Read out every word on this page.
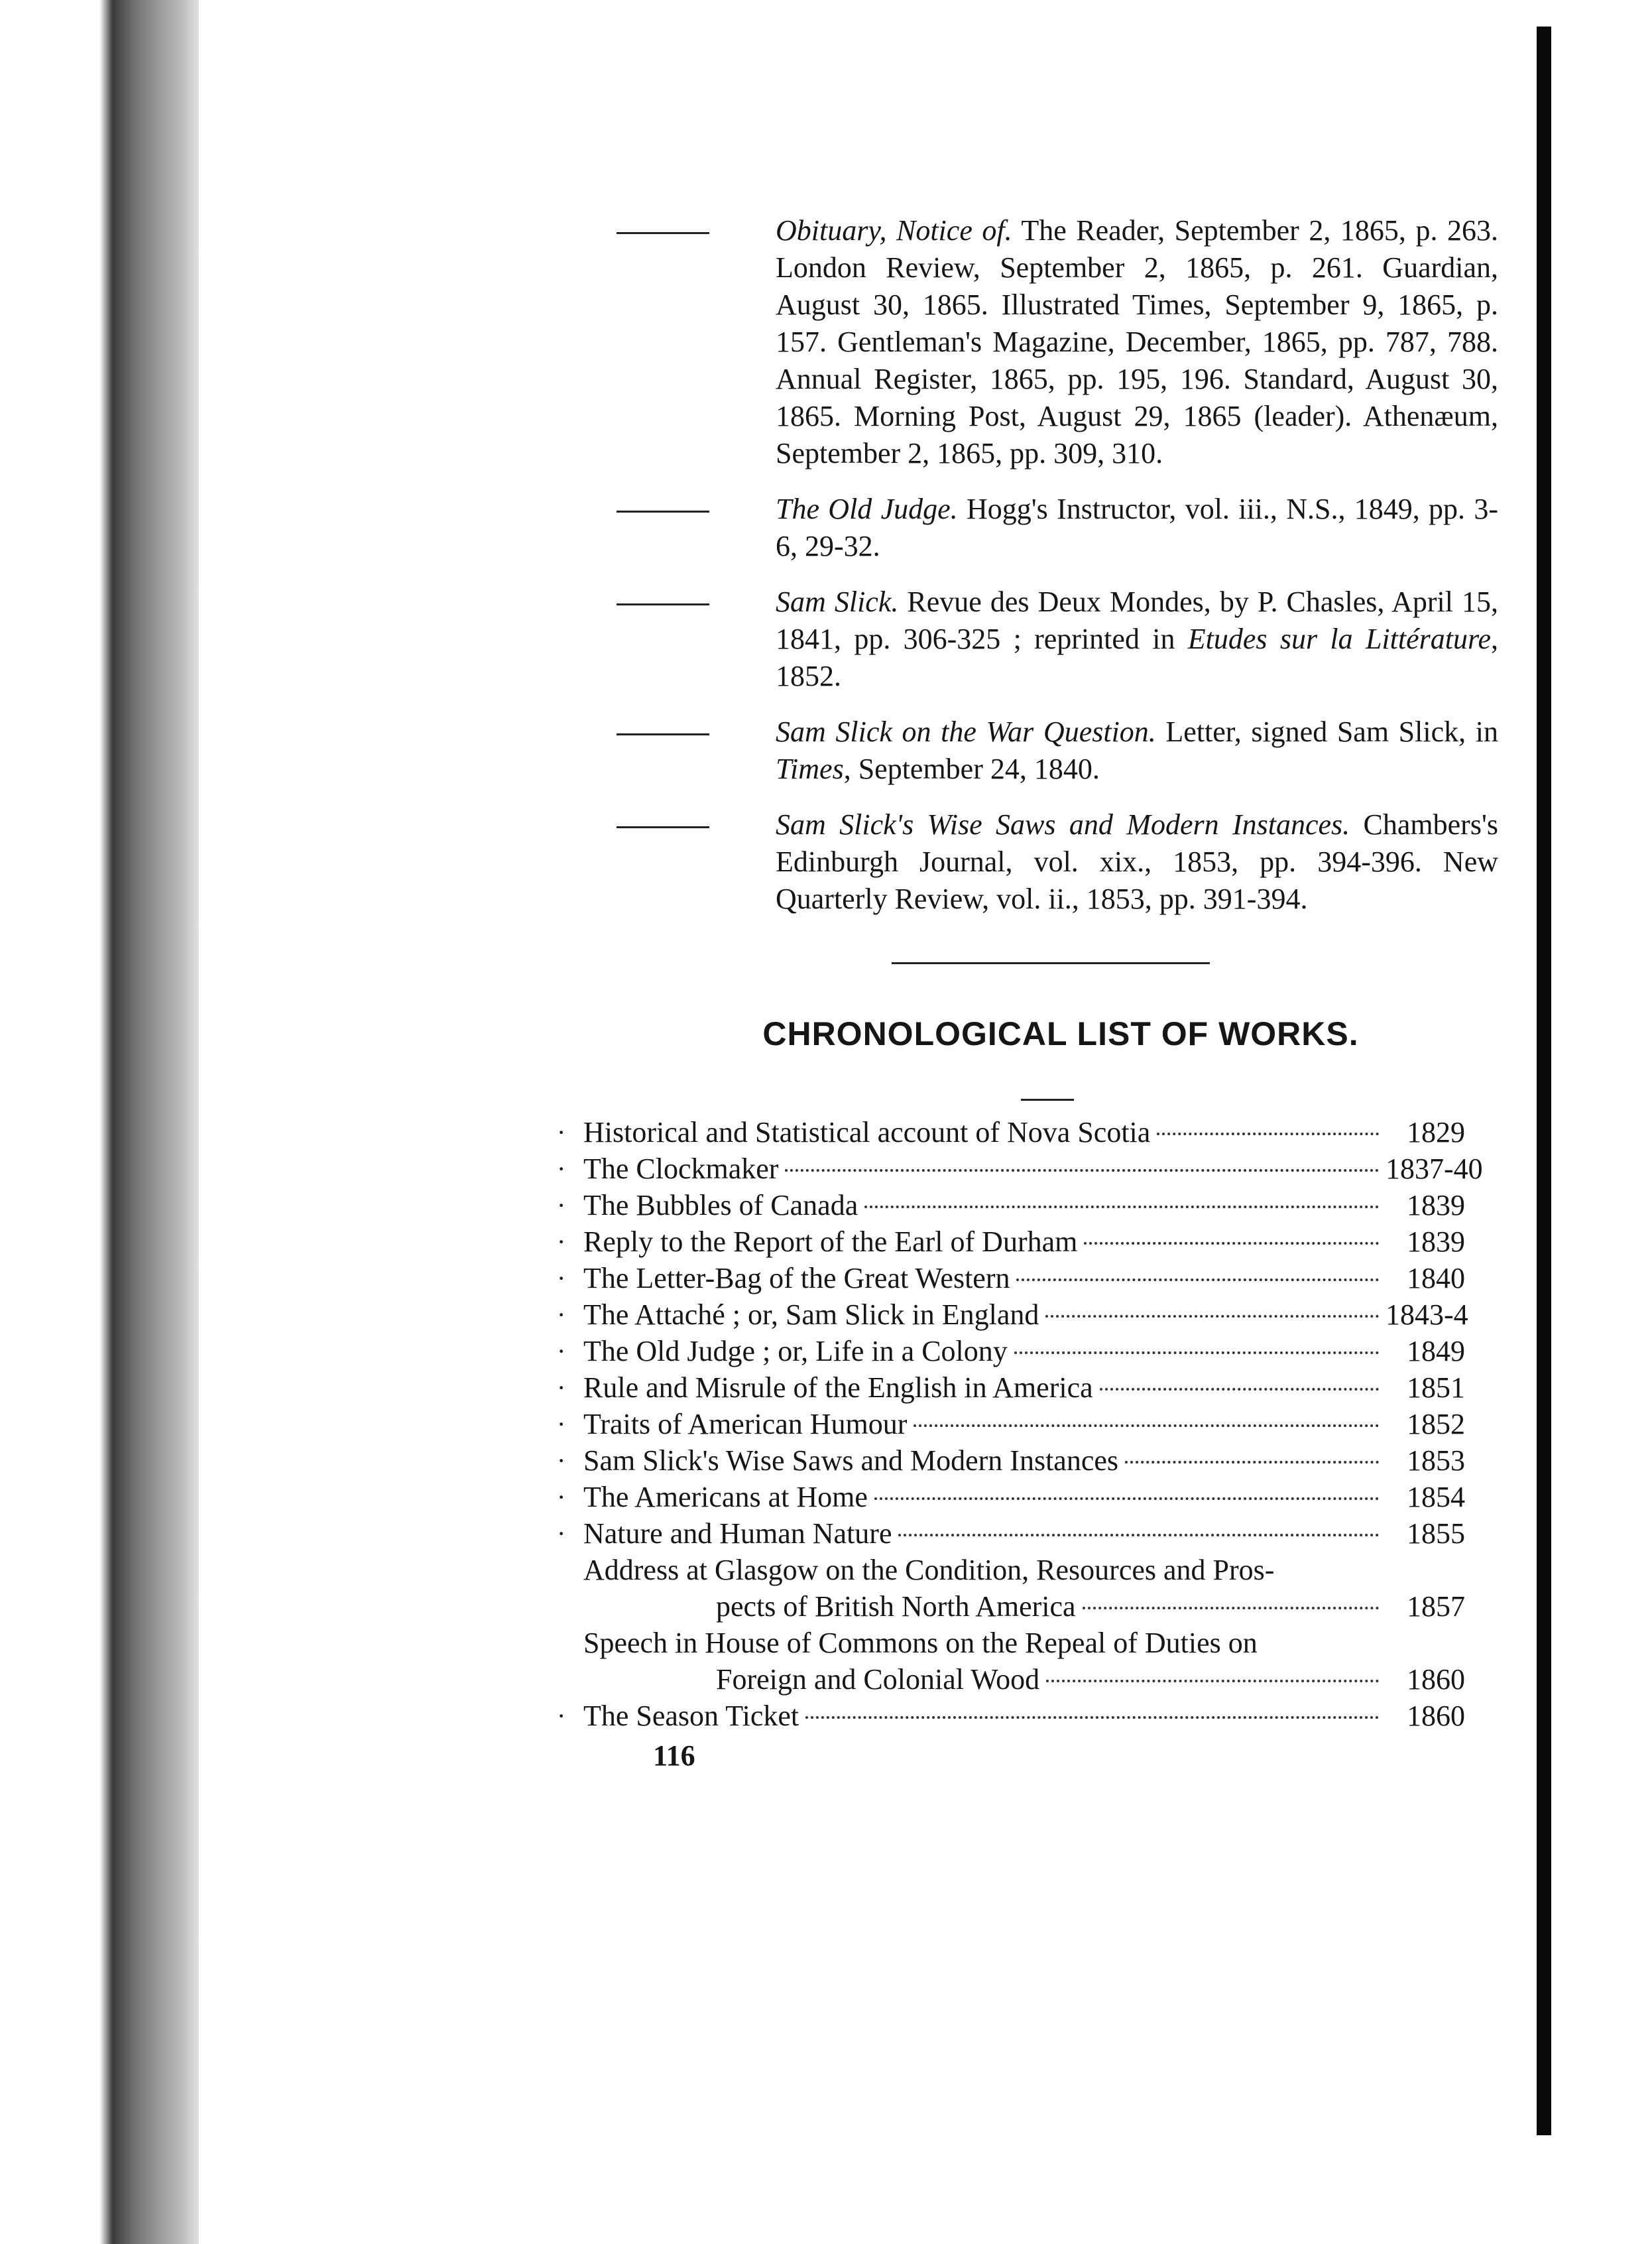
Obituary, Notice of. The Reader, September 2, 1865, p. 263. London Review, September 2, 1865, p. 261. Guardian, August 30, 1865. Illustrated Times, September 9, 1865, p. 157. Gentleman's Magazine, December, 1865, pp. 787, 788. Annual Register, 1865, pp. 195, 196. Standard, August 30, 1865. Morning Post, August 29, 1865 (leader). Athenæum, September 2, 1865, pp. 309, 310.

The Old Judge. Hogg's Instructor, vol. iii., N.S., 1849, pp. 3-6, 29-32.

Sam Slick. Revue des Deux Mondes, by P. Chasles, April 15, 1841, pp. 306-325 ; reprinted in Etudes sur la Littérature, 1852.

Sam Slick on the War Question. Letter, signed Sam Slick, in Times, September 24, 1840.

Sam Slick's Wise Saws and Modern Instances. Chambers's Edinburgh Journal, vol. xix., 1853, pp. 394-396. New Quarterly Review, vol. ii., 1853, pp. 391-394.

CHRONOLOGICAL LIST OF WORKS.
· Historical and Statistical account of Nova Scotia	1829
· The Clockmaker	1837-40
· The Bubbles of Canada	1839
· Reply to the Report of the Earl of Durham	1839
· The Letter-Bag of the Great Western	1840
· The Attaché ; or, Sam Slick in England	1843-4
· The Old Judge ; or, Life in a Colony	1849
· Rule and Misrule of the English in America	1851
· Traits of American Humour	1852
· Sam Slick's Wise Saws and Modern Instances	1853
· The Americans at Home	1854
· Nature and Human Nature	1855
Address at Glasgow on the Condition, Resources and Pros-
pects of British North America	1857
Speech in House of Commons on the Repeal of Duties on
Foreign and Colonial Wood	1860
· The Season Ticket	1860
116
